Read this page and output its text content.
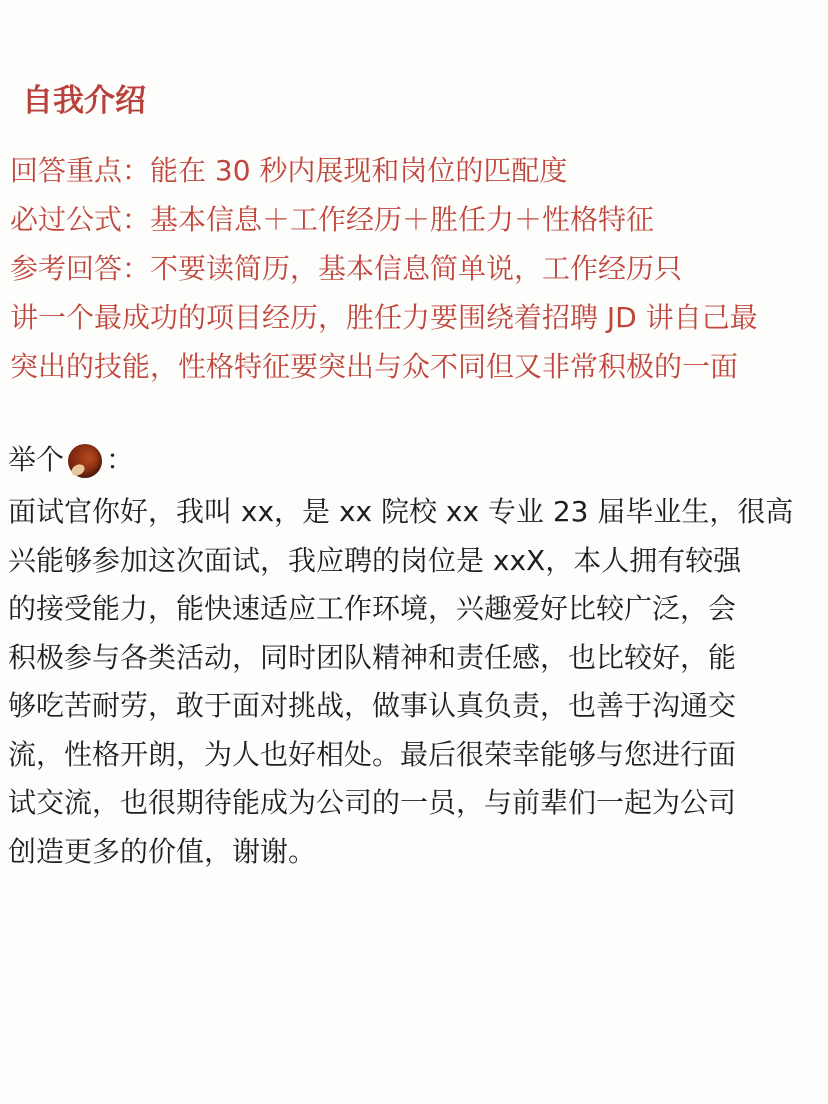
自我介绍

回答重点：能在 30 秒内展现和岗位的匹配度

必过公式：基本信息＋工作经历＋胜任力＋性格特征

参考回答：不要读简历，基本信息简单说，工作经历只

讲一个最成功的项目经历，胜任力要围绕着招聘 JD 讲自己最

突出的技能，性格特征要突出与众不同但又非常积极的一面

举个 ：

面试官你好，我叫 xx，是 xx 院校 xx 专业 23 届毕业生，很高

兴能够参加这次面试，我应聘的岗位是 xxX，本人拥有较强

的接受能力，能快速适应工作环境，兴趣爱好比较广泛，会

积极参与各类活动，同时团队精神和责任感，也比较好，能

够吃苦耐劳，敢于面对挑战，做事认真负责，也善于沟通交

流，性格开朗，为人也好相处。最后很荣幸能够与您进行面

试交流，也很期待能成为公司的一员，与前辈们一起为公司

创造更多的价值，谢谢。
